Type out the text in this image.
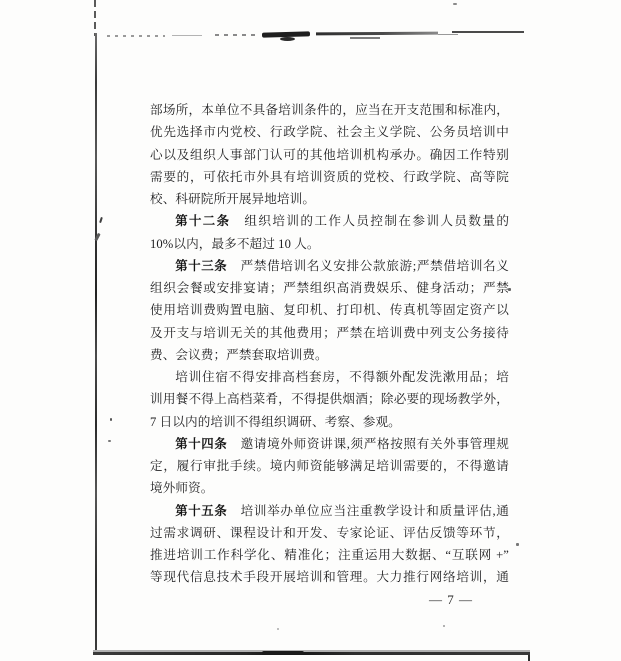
部场所，本单位不具备培训条件的，应当在开支范围和标准内，
优先选择市内党校、行政学院、社会主义学院、公务员培训中
心以及组织人事部门认可的其他培训机构承办。确因工作特别
需要的，可依托市外具有培训资质的党校、行政学院、高等院
校、科研院所开展异地培训。
第十二条　组织培训的工作人员控制在参训人员数量的
10%以内，最多不超过 10 人。
第十三条　严禁借培训名义安排公款旅游;严禁借培训名义
组织会餐或安排宴请；严禁组织高消费娱乐、健身活动；严禁
使用培训费购置电脑、复印机、打印机、传真机等固定资产以
及开支与培训无关的其他费用；严禁在培训费中列支公务接待
费、会议费；严禁套取培训费。
培训住宿不得安排高档套房，不得额外配发洗漱用品；培
训用餐不得上高档菜肴，不得提供烟酒；除必要的现场教学外，
7 日以内的培训不得组织调研、考察、参观。
第十四条　邀请境外师资讲课,须严格按照有关外事管理规
定，履行审批手续。境内师资能够满足培训需要的，不得邀请
境外师资。
第十五条　培训举办单位应当注重教学设计和质量评估,通
过需求调研、课程设计和开发、专家论证、评估反馈等环节，
推进培训工作科学化、精准化；注重运用大数据、“互联网 +”
等现代信息技术手段开展培训和管理。大力推行网络培训，通
— 7 —
